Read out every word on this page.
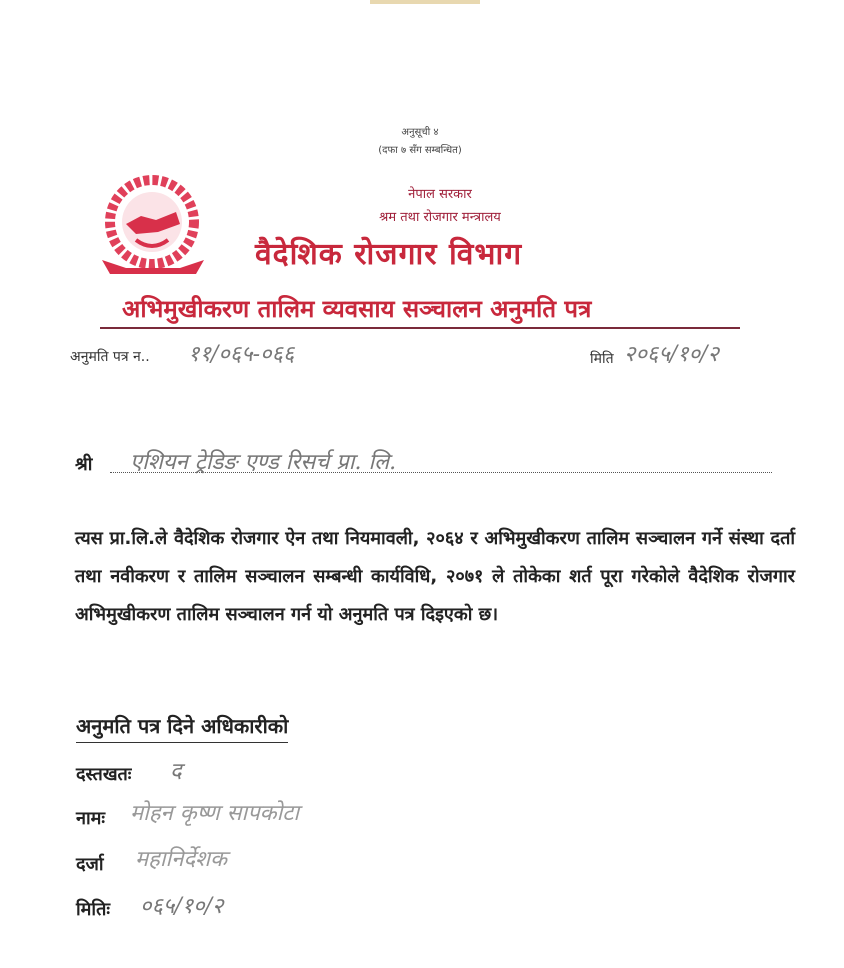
अनुसूची ४
(दफा ७ सँग सम्बन्धित)
नेपाल सरकार
श्रम तथा रोजगार मन्त्रालय
वैदेशिक रोजगार विभाग
अभिमुखीकरण तालिम व्यवसाय सञ्चालन अनुमति पत्र
अनुमति पत्र न.. ११/०६५-०६६	मिति २०६५/१०/२
श्री	एशियन ट्रेडिङ एण्ड रिसर्च प्रा. लि.
त्यस प्रा.लि.ले वैदेशिक रोजगार ऐन तथा नियमावली, २०६४ र अभिमुखीकरण तालिम सञ्चालन गर्ने संस्था दर्ता तथा नवीकरण र तालिम सञ्चालन सम्बन्धी कार्यविधि, २०७१ ले तोकेका शर्त पूरा गरेकोले वैदेशिक रोजगार अभिमुखीकरण तालिम सञ्चालन गर्न यो अनुमति पत्र दिइएको छ।
अनुमति पत्र दिने अधिकारीको
दस्तखतः द
नामः मोहन कृष्ण सापकोटा
दर्जा महानिर्देशक
मितिः ०६५/१०/२
